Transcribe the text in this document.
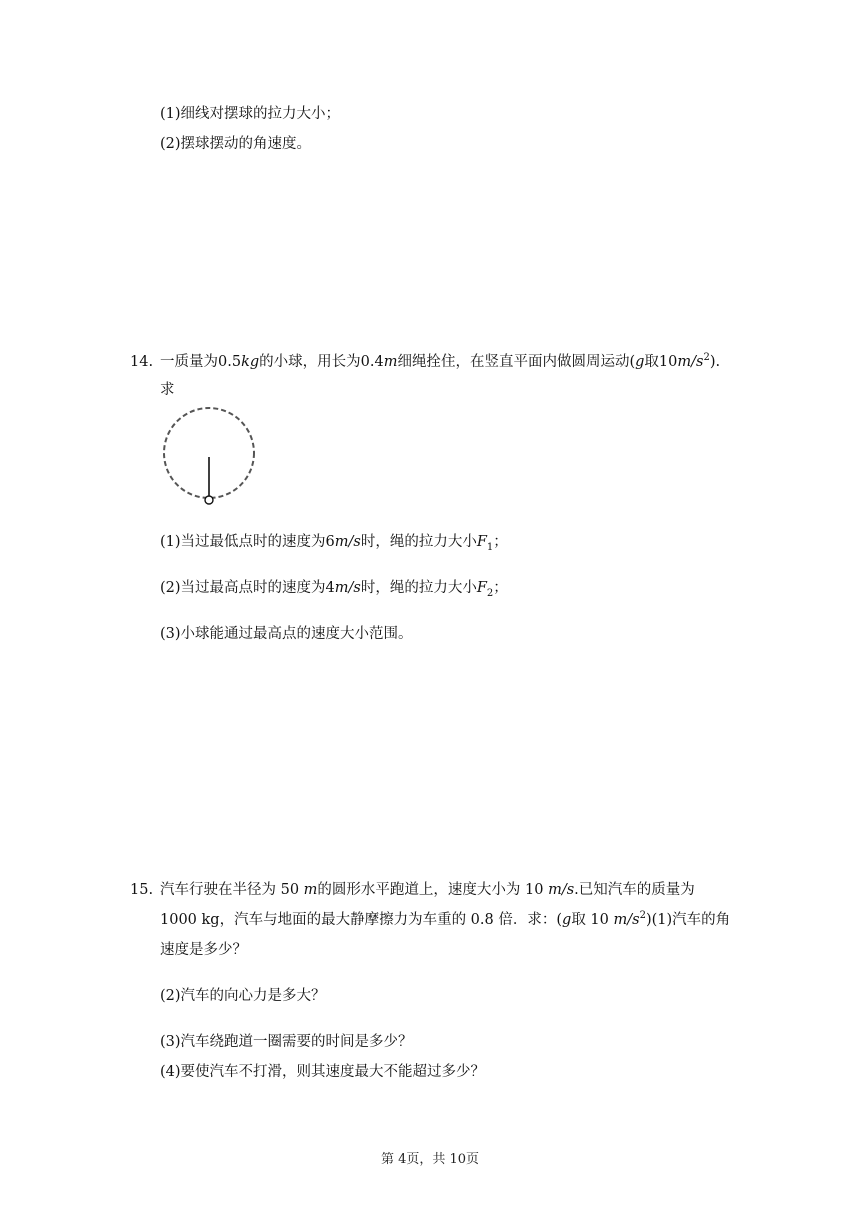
(1)细线对摆球的拉力大小；
(2)摆球摆动的角速度。
14. 一质量为0.5kg的小球，用长为0.4m细绳拴住，在竖直平面内做圆周运动(g取$10m/s^2$).
求
(1)当过最低点时的速度为6m/s时，绳的拉力大小$F_1$；
(2)当过最高点时的速度为4m/s时，绳的拉力大小$F_2$；
(3)小球能通过最高点的速度大小范围。
15. 汽车行驶在半径为 50 m的圆形水平跑道上，速度大小为 10 m/s.已知汽车的质量为
1000 kg，汽车与地面的最大静摩擦力为车重的 0.8 倍．求：(g取 10 $m/s^2)(1)$汽车的角
速度是多少？
(2)汽车的向心力是多大？
(3)汽车绕跑道一圈需要的时间是多少？
(4)要使汽车不打滑，则其速度最大不能超过多少？
第 4页，共 10页
